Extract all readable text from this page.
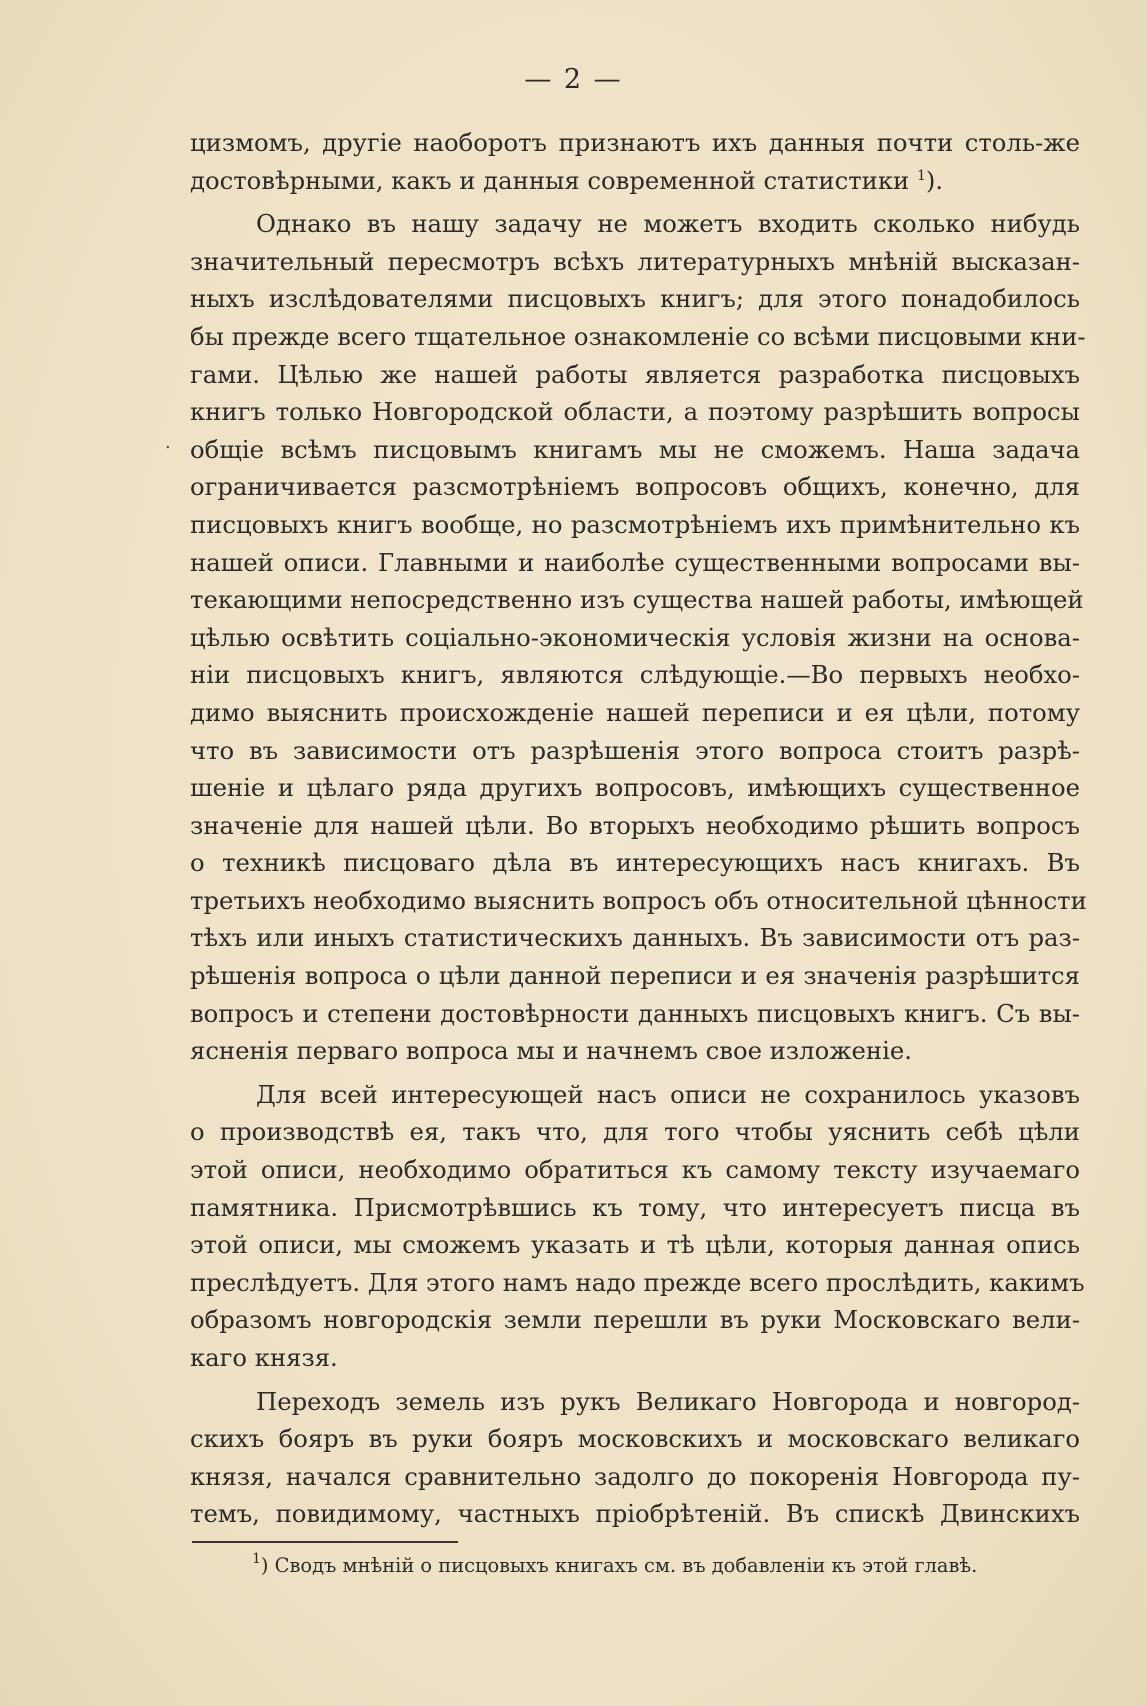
— 2 —
.
цизмомъ, другіе наоборотъ признаютъ ихъ данныя почти столь-же
достовѣрными, какъ и данныя современной статистики $^1$).
Однако въ нашу задачу не можетъ входить сколько нибудь
значительный пересмотръ всѣхъ литературныхъ мнѣній высказан-
ныхъ изслѣдователями писцовыхъ книгъ; для этого понадобилось
бы прежде всего тщательное ознакомленіе со всѣми писцовыми кни-
гами. Цѣлью же нашей работы является разработка писцовыхъ
книгъ только Новгородской области, а поэтому разрѣшить вопросы
общіе всѣмъ писцовымъ книгамъ мы не сможемъ. Наша задача
ограничивается разсмотрѣніемъ вопросовъ общихъ, конечно, для
писцовыхъ книгъ вообще, но разсмотрѣніемъ ихъ примѣнительно къ
нашей описи. Главными и наиболѣе существенными вопросами вы-
текающими непосредственно изъ существа нашей работы, имѣющей
цѣлью освѣтить соціально-экономическія условія жизни на основа-
ніи писцовыхъ книгъ, являются слѣдующіе.—Во первыхъ необхо-
димо выяснить происхожденіе нашей переписи и ея цѣли, потому
что въ зависимости отъ разрѣшенія этого вопроса стоитъ разрѣ-
шеніе и цѣлаго ряда другихъ вопросовъ, имѣющихъ существенное
значеніе для нашей цѣли. Во вторыхъ необходимо рѣшить вопросъ
о техникѣ писцоваго дѣла въ интересующихъ насъ книгахъ. Въ
третьихъ необходимо выяснить вопросъ объ относительной цѣнности
тѣхъ или иныхъ статистическихъ данныхъ. Въ зависимости отъ раз-
рѣшенія вопроса о цѣли данной переписи и ея значенія разрѣшится
вопросъ и степени достовѣрности данныхъ писцовыхъ книгъ. Съ вы-
ясненія перваго вопроса мы и начнемъ свое изложеніе.
Для всей интересующей насъ описи не сохранилось указовъ
о производствѣ ея, такъ что, для того чтобы уяснить себѣ цѣли
этой описи, необходимо обратиться къ самому тексту изучаемаго
памятника. Присмотрѣвшись къ тому, что интересуетъ писца въ
этой описи, мы сможемъ указать и тѣ цѣли, которыя данная опись
преслѣдуетъ. Для этого намъ надо прежде всего прослѣдить, какимъ
образомъ новгородскія земли перешли въ руки Московскаго вели-
каго князя.
Переходъ земель изъ рукъ Великаго Новгорода и новгород-
скихъ бояръ въ руки бояръ московскихъ и московскаго великаго
князя, начался сравнительно задолго до покоренія Новгорода пу-
темъ, повидимому, частныхъ пріобрѣтеній. Въ спискѣ Двинскихъ
$^1$) Сводъ мнѣній о писцовыхъ книгахъ см. въ добавленіи къ этой главѣ.
